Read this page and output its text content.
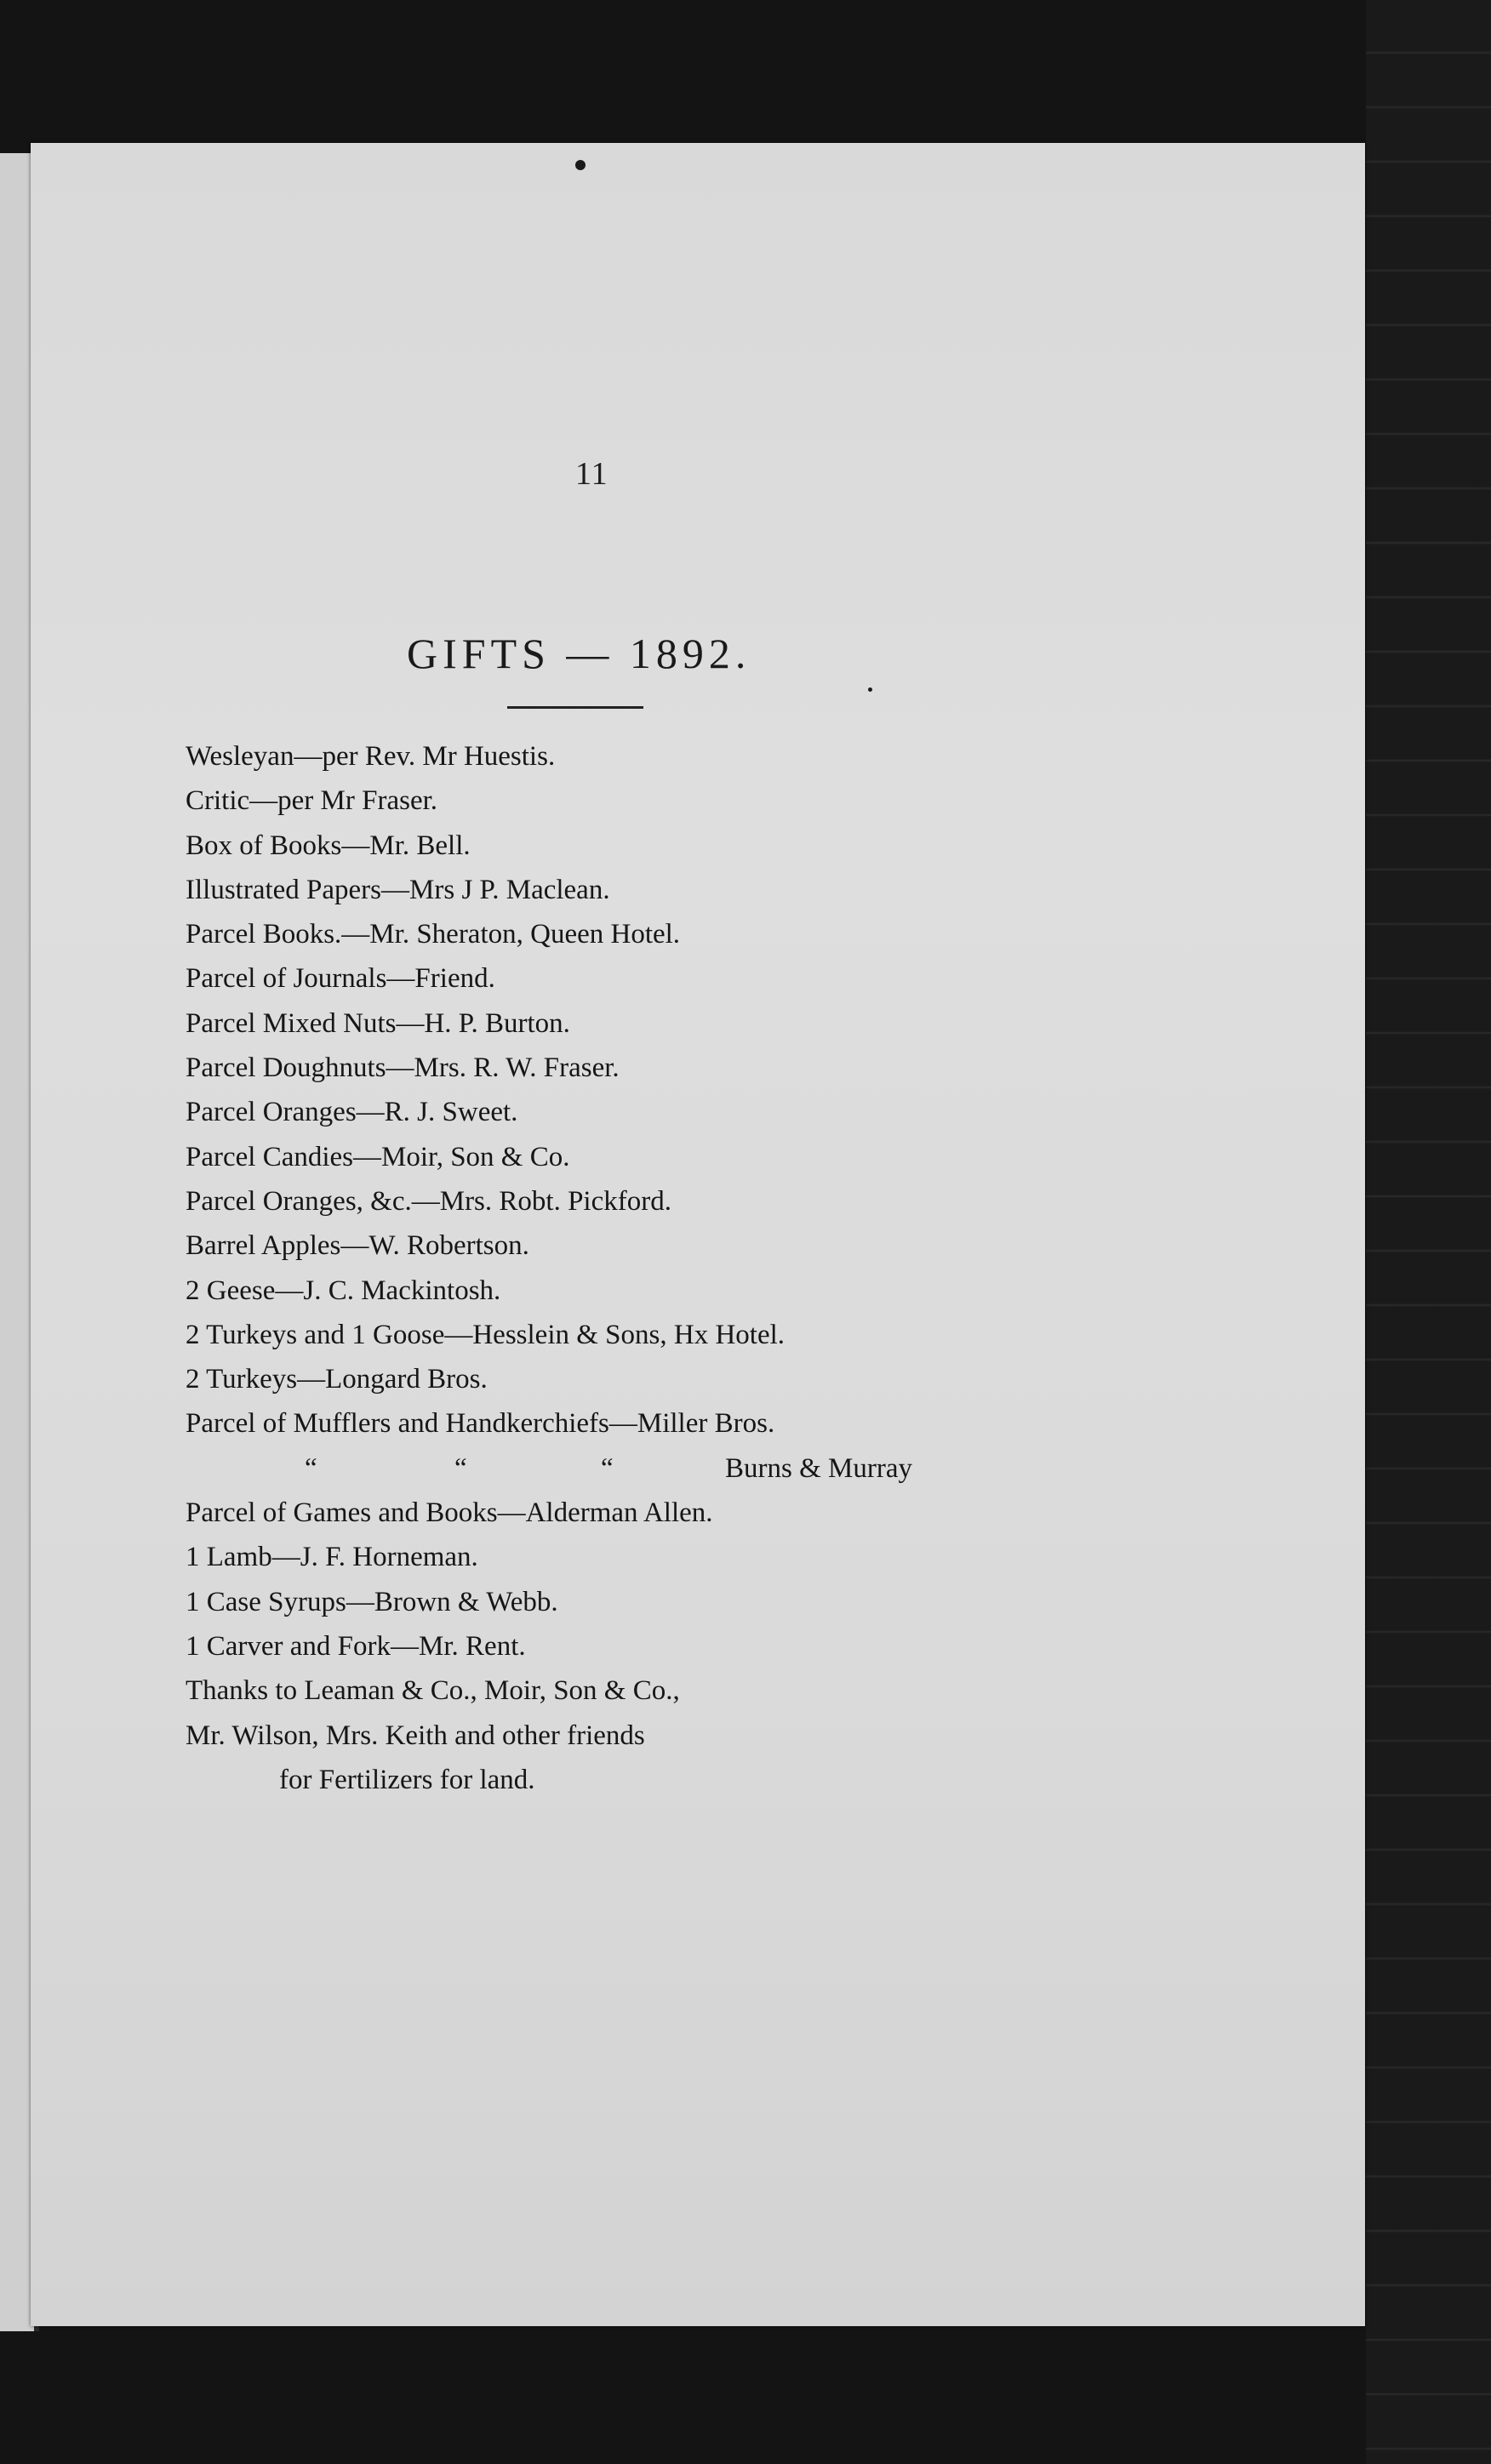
11
GIFTS — 1892.
Wesleyan—per Rev. Mr Huestis.
Critic—per Mr Fraser.
Box of Books—Mr. Bell.
Illustrated Papers—Mrs J P. Maclean.
Parcel Books.—Mr. Sheraton, Queen Hotel.
Parcel of Journals—Friend.
Parcel Mixed Nuts—H. P. Burton.
Parcel Doughnuts—Mrs. R. W. Fraser.
Parcel Oranges—R. J. Sweet.
Parcel Candies—Moir, Son & Co.
Parcel Oranges, &c.—Mrs. Robt. Pickford.
Barrel Apples—W. Robertson.
2 Geese—J. C. Mackintosh.
2 Turkeys and 1 Goose—Hesslein & Sons, Hx Hotel.
2 Turkeys—Longard Bros.
Parcel of Mufflers and Handkerchiefs—Miller Bros.
“	“	“	Burns & Murray
Parcel of Games and Books—Alderman Allen.
1 Lamb—J. F. Horneman.
1 Case Syrups—Brown & Webb.
1 Carver and Fork—Mr. Rent.
Thanks to Leaman & Co., Moir, Son & Co.,
Mr. Wilson, Mrs. Keith and other friends
for Fertilizers for land.
